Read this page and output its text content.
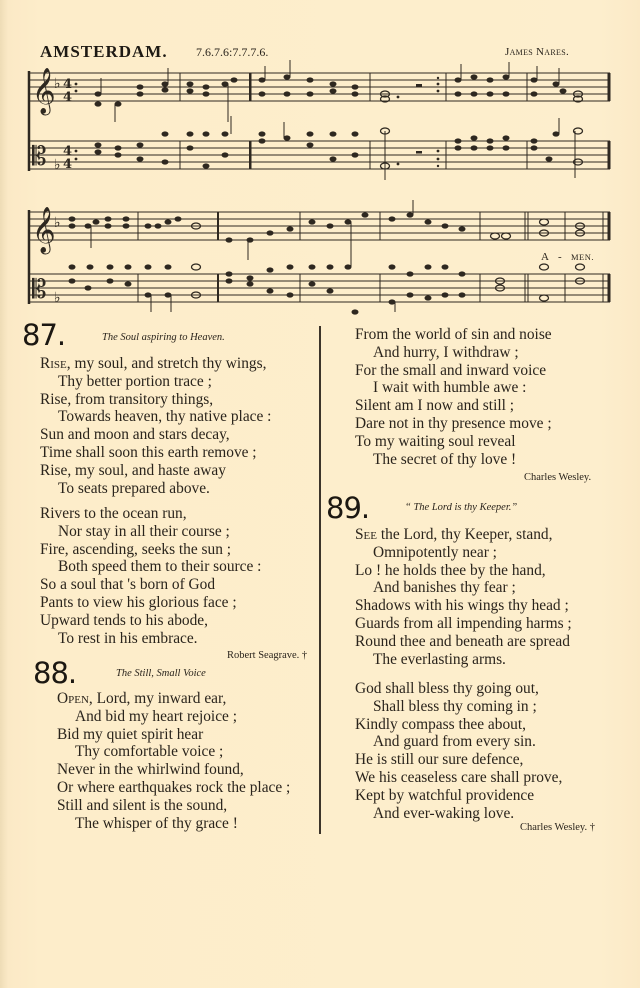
AMSTERDAM. 7.6.7.6:7.7.7.6.	James Nares.
𝄞
𝄡
𝄞
𝄡
♭ 4
4
♭
4
4
♭
♭
A - MEN.
87.	The Soul aspiring to Heaven.
Rise, my soul, and stretch thy wings,
Thy better portion trace ;
Rise, from transitory things,
Towards heaven, thy native place :
Sun and moon and stars decay,
Time shall soon this earth remove ;
Rise, my soul, and haste away
To seats prepared above.
Rivers to the ocean run,
Nor stay in all their course ;
Fire, ascending, seeks the sun ;
Both speed them to their source :
So a soul that 's born of God
Pants to view his glorious face ;
Upward tends to his abode,
To rest in his embrace.
Robert Seagrave. †
88.	The Still, Small Voice
Open, Lord, my inward ear,
And bid my heart rejoice ;
Bid my quiet spirit hear
Thy comfortable voice ;
Never in the whirlwind found,
Or where earthquakes rock the place ;
Still and silent is the sound,
The whisper of thy grace !
From the world of sin and noise
And hurry, I withdraw ;
For the small and inward voice
I wait with humble awe :
Silent am I now and still ;
Dare not in thy presence move ;
To my waiting soul reveal
The secret of thy love !
Charles Wesley.
89.	“ The Lord is thy Keeper.”
See the Lord, thy Keeper, stand,
Omnipotently near ;
Lo ! he holds thee by the hand,
And banishes thy fear ;
Shadows with his wings thy head ;
Guards from all impending harms ;
Round thee and beneath are spread
The everlasting arms.
God shall bless thy going out,
Shall bless thy coming in ;
Kindly compass thee about,
And guard from every sin.
He is still our sure defence,
We his ceaseless care shall prove,
Kept by watchful providence
And ever-waking love.
Charles Wesley. †
